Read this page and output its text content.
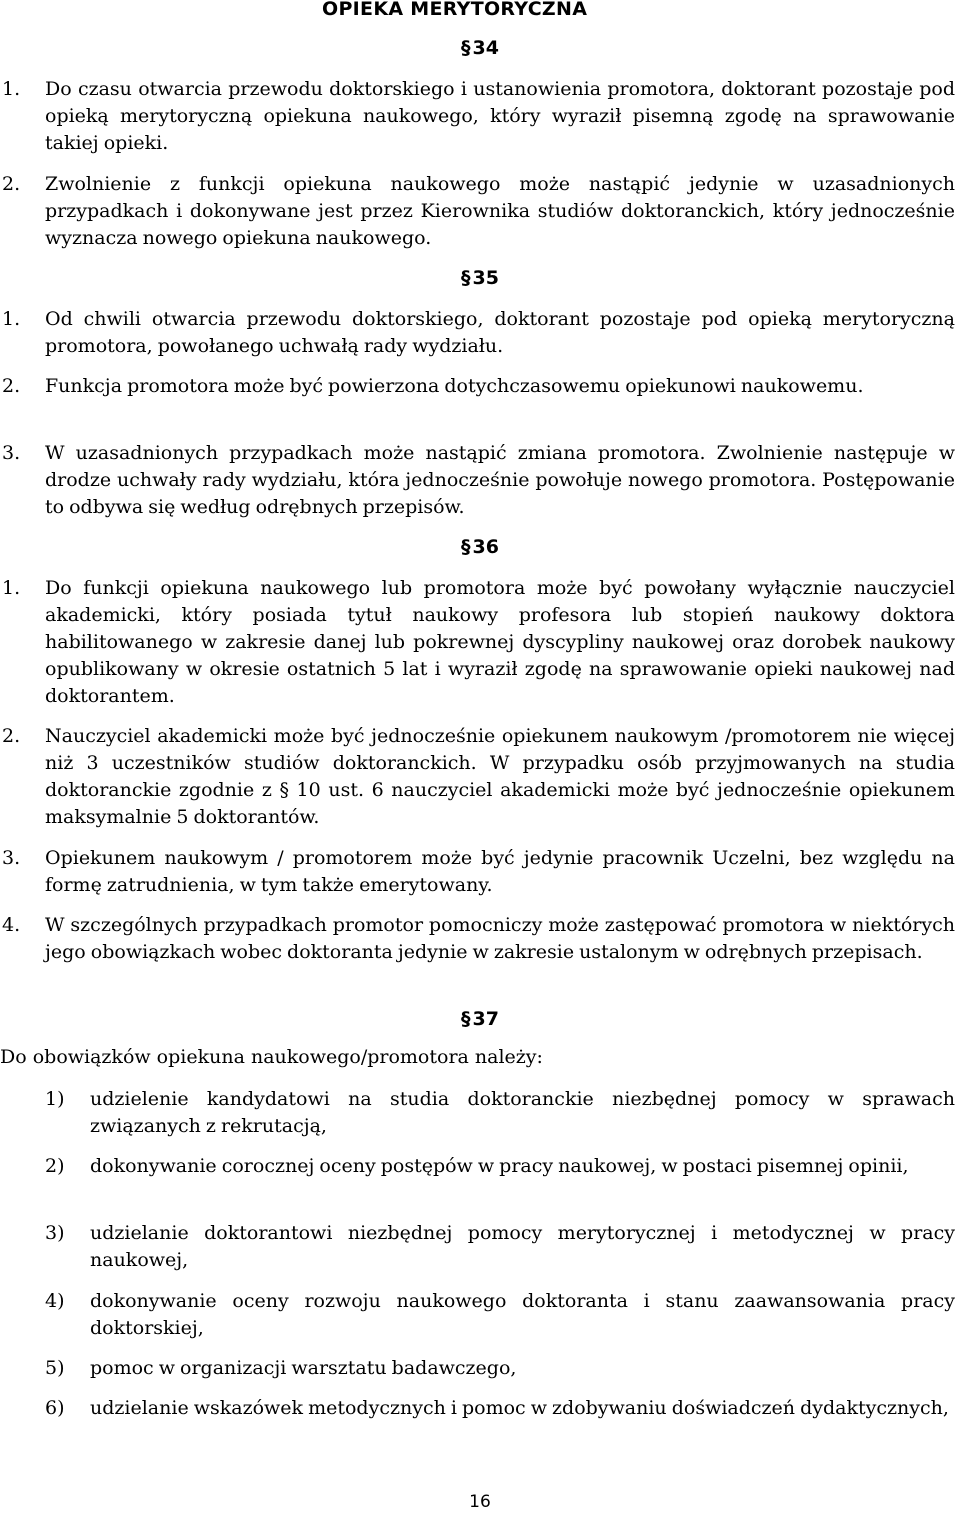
OPIEKA MERYTORYCZNA
§ 34
1. Do czasu otwarcia przewodu doktorskiego i ustanowienia promotora, doktorant pozostaje pod opieką merytoryczną opiekuna naukowego, który wyraził pisemną zgodę na sprawowanie takiej opieki.
2. Zwolnienie z funkcji opiekuna naukowego może nastąpić jedynie w uzasadnionych przypadkach i dokonywane jest przez Kierownika studiów doktoranckich, który jednocześnie wyznacza nowego opiekuna naukowego.
§ 35
1. Od chwili otwarcia przewodu doktorskiego, doktorant pozostaje pod opieką merytoryczną promotora, powołanego uchwałą rady wydziału.
2. Funkcja promotora może być powierzona dotychczasowemu opiekunowi naukowemu.
3. W uzasadnionych przypadkach może nastąpić zmiana promotora. Zwolnienie następuje w drodze uchwały rady wydziału, która jednocześnie powołuje nowego promotora. Postępowanie to odbywa się według odrębnych przepisów.
§ 36
1. Do funkcji opiekuna naukowego lub promotora może być powołany wyłącznie nauczyciel akademicki, który posiada tytuł naukowy profesora lub stopień naukowy doktora habilitowanego w zakresie danej lub pokrewnej dyscypliny naukowej oraz dorobek naukowy opublikowany w okresie ostatnich 5 lat i wyraził zgodę na sprawowanie opieki naukowej nad doktorantem.
2. Nauczyciel akademicki może być jednocześnie opiekunem naukowym /promotorem nie więcej niż 3 uczestników studiów doktoranckich. W przypadku osób przyjmowanych na studia doktoranckie zgodnie z § 10 ust. 6 nauczyciel akademicki może być jednocześnie opiekunem maksymalnie 5 doktorantów.
3. Opiekunem naukowym / promotorem może być jedynie pracownik Uczelni, bez względu na formę zatrudnienia, w tym także emerytowany.
4. W szczególnych przypadkach promotor pomocniczy może zastępować promotora w niektórych jego obowiązkach wobec doktoranta jedynie w zakresie ustalonym w odrębnych przepisach.
§ 37
Do obowiązków opiekuna naukowego/promotora należy:
1) udzielenie kandydatowi na studia doktoranckie niezbędnej pomocy w sprawach związanych z rekrutacją,
2) dokonywanie corocznej oceny postępów w pracy naukowej, w postaci pisemnej opinii,
3) udzielanie doktorantowi niezbędnej pomocy merytorycznej i metodycznej w pracy naukowej,
4) dokonywanie oceny rozwoju naukowego doktoranta i stanu zaawansowania pracy doktorskiej,
5) pomoc w organizacji warsztatu badawczego,
6) udzielanie wskazówek metodycznych i pomoc w zdobywaniu doświadczeń dydaktycznych,
16
